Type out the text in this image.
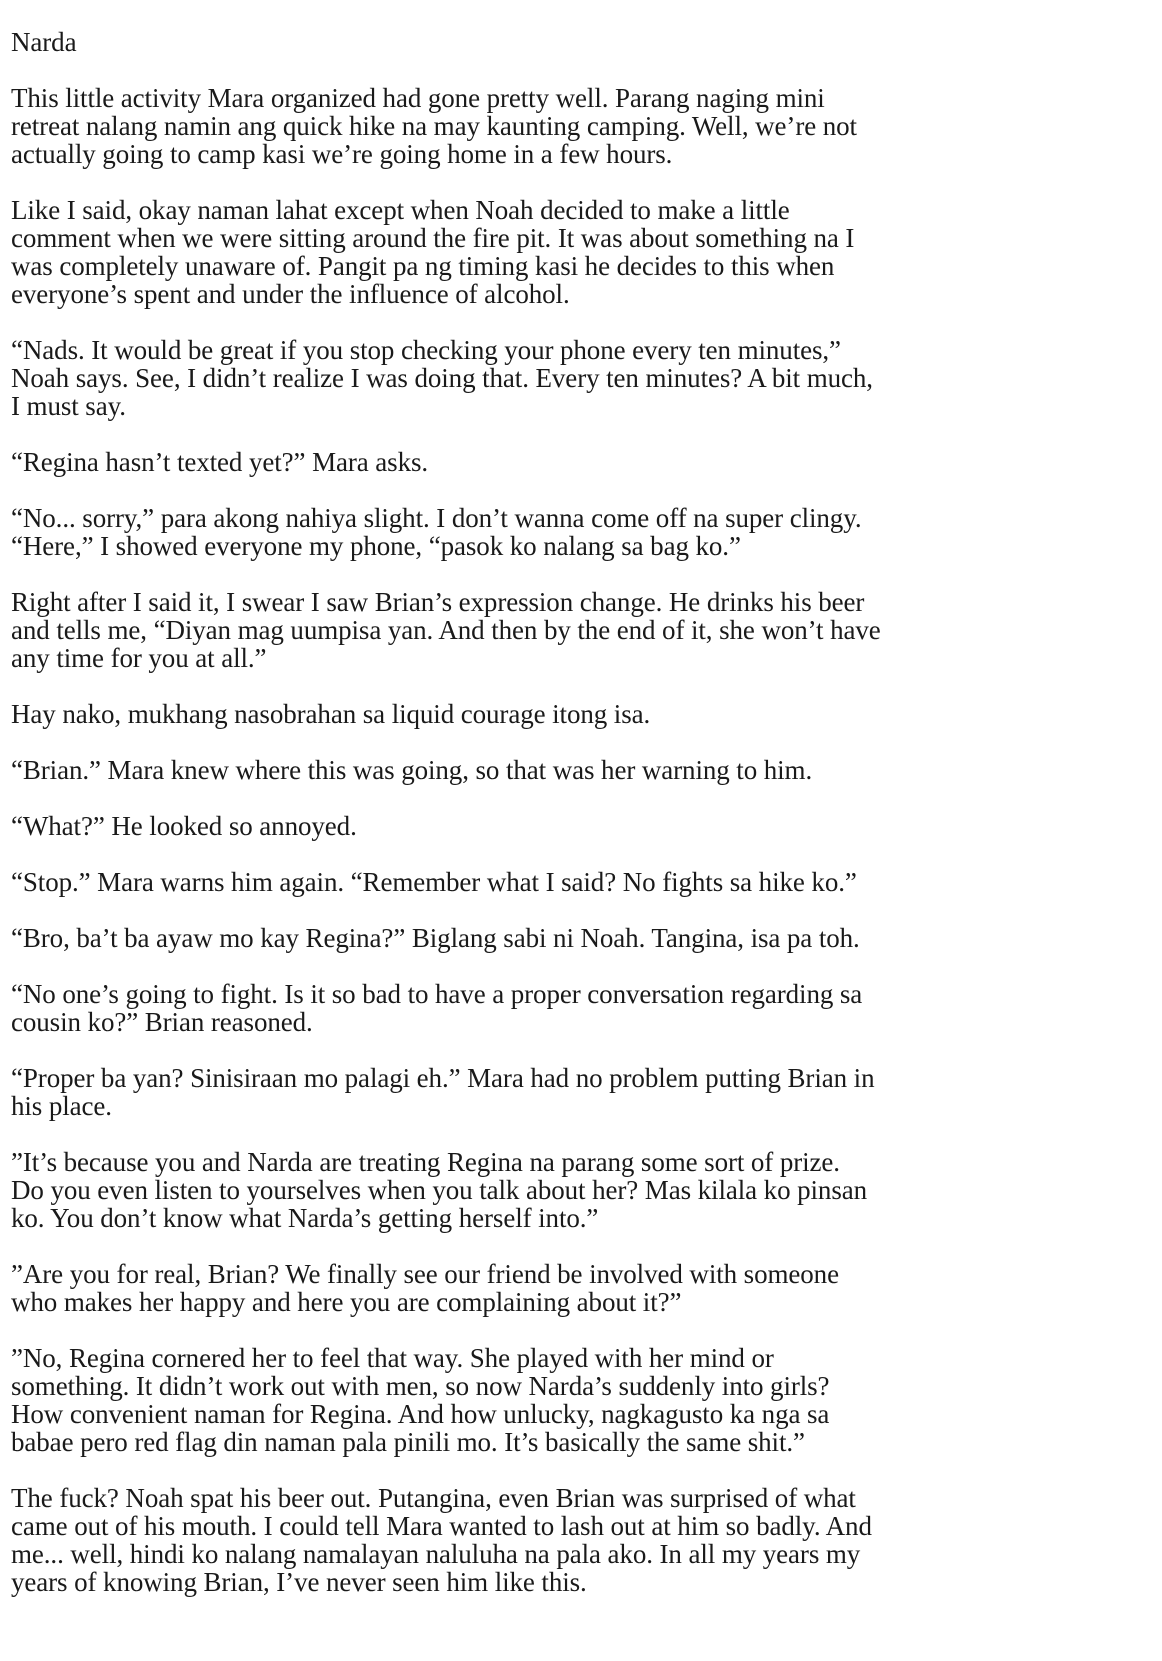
Narda

This little activity Mara organized had gone pretty well. Parang naging mini
retreat nalang namin ang quick hike na may kaunting camping. Well, we’re not
actually going to camp kasi we’re going home in a few hours.

Like I said, okay naman lahat except when Noah decided to make a little
comment when we were sitting around the fire pit. It was about something na I
was completely unaware of. Pangit pa ng timing kasi he decides to this when
everyone’s spent and under the influence of alcohol.

“Nads. It would be great if you stop checking your phone every ten minutes,”
Noah says. See, I didn’t realize I was doing that. Every ten minutes? A bit much,
I must say.

“Regina hasn’t texted yet?” Mara asks.

“No... sorry,” para akong nahiya slight. I don’t wanna come off na super clingy.
“Here,” I showed everyone my phone, “pasok ko nalang sa bag ko.”

Right after I said it, I swear I saw Brian’s expression change. He drinks his beer
and tells me, “Diyan mag uumpisa yan. And then by the end of it, she won’t have
any time for you at all.”

Hay nako, mukhang nasobrahan sa liquid courage itong isa.

“Brian.” Mara knew where this was going, so that was her warning to him.

“What?” He looked so annoyed.

“Stop.” Mara warns him again. “Remember what I said? No fights sa hike ko.”

“Bro, ba’t ba ayaw mo kay Regina?” Biglang sabi ni Noah. Tangina, isa pa toh.

“No one’s going to fight. Is it so bad to have a proper conversation regarding sa
cousin ko?” Brian reasoned.

“Proper ba yan? Sinisiraan mo palagi eh.” Mara had no problem putting Brian in
his place.

”It’s because you and Narda are treating Regina na parang some sort of prize.
Do you even listen to yourselves when you talk about her? Mas kilala ko pinsan
ko. You don’t know what Narda’s getting herself into.”

”Are you for real, Brian? We finally see our friend be involved with someone
who makes her happy and here you are complaining about it?”

”No, Regina cornered her to feel that way. She played with her mind or
something. It didn’t work out with men, so now Narda’s suddenly into girls?
How convenient naman for Regina. And how unlucky, nagkagusto ka nga sa
babae pero red flag din naman pala pinili mo. It’s basically the same shit.”

The fuck? Noah spat his beer out. Putangina, even Brian was surprised of what
came out of his mouth. I could tell Mara wanted to lash out at him so badly. And
me... well, hindi ko nalang namalayan naluluha na pala ako. In all my years my
years of knowing Brian, I’ve never seen him like this.
